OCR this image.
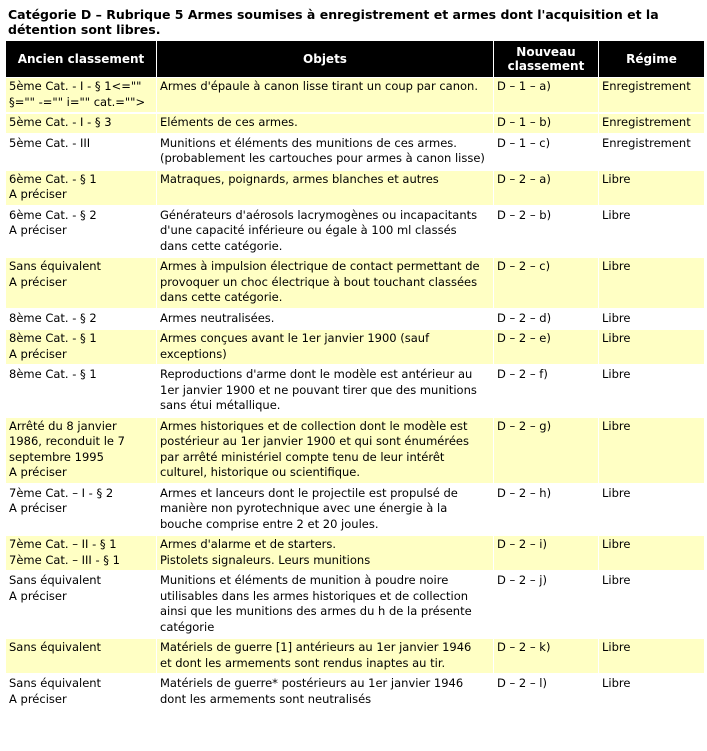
Catégorie D – Rubrique 5 Armes soumises à enregistrement et armes dont l'acquisition et la détention sont libres.
Ancien classement	Objets	Nouveau classement	Régime
5ème Cat. - I - § 1<="" §="" -="" i="" cat.="">	Armes d'épaule à canon lisse tirant un coup par canon.	D – 1 – a)	Enregistrement
5ème Cat. - I - § 3	Eléments de ces armes.	D – 1 – b)	Enregistrement
5ème Cat. - III	Munitions et éléments des munitions de ces armes.
(probablement les cartouches pour armes à canon lisse)	D – 1 – c)	Enregistrement
6ème Cat. - § 1
A préciser	Matraques, poignards, armes blanches et autres	D – 2 – a)	Libre
6ème Cat. - § 2
A préciser	Générateurs d'aérosols lacrymogènes ou incapacitants
d'une capacité inférieure ou égale à 100 ml classés
dans cette catégorie.	D – 2 – b)	Libre
Sans équivalent
A préciser	Armes à impulsion électrique de contact permettant de
provoquer un choc électrique à bout touchant classées
dans cette catégorie.	D – 2 – c)	Libre
8ème Cat. - § 2	Armes neutralisées.	D – 2 – d)	Libre
8ème Cat. - § 1
A préciser	Armes conçues avant le 1er janvier 1900 (sauf
exceptions)	D – 2 – e)	Libre
8ème Cat. - § 1	Reproductions d'arme dont le modèle est antérieur au
1er janvier 1900 et ne pouvant tirer que des munitions
sans étui métallique.	D – 2 – f)	Libre
Arrêté du 8 janvier
1986, reconduit le 7
septembre 1995
A préciser	Armes historiques et de collection dont le modèle est
postérieur au 1er janvier 1900 et qui sont énumérées
par arrêté ministériel compte tenu de leur intérêt
culturel, historique ou scientifique.	D – 2 – g)	Libre
7ème Cat. – I - § 2
A préciser	Armes et lanceurs dont le projectile est propulsé de
manière non pyrotechnique avec une énergie à la
bouche comprise entre 2 et 20 joules.	D – 2 – h)	Libre
7ème Cat. – II - § 1
7ème Cat. – III - § 1	Armes d'alarme et de starters.
Pistolets signaleurs. Leurs munitions	D – 2 – i)	Libre
Sans équivalent
A préciser	Munitions et éléments de munition à poudre noire
utilisables dans les armes historiques et de collection
ainsi que les munitions des armes du h de la présente
catégorie	D – 2 – j)	Libre
Sans équivalent	Matériels de guerre [1] antérieurs au 1er janvier 1946
et dont les armements sont rendus inaptes au tir.	D – 2 – k)	Libre
Sans équivalent
A préciser	Matériels de guerre* postérieurs au 1er janvier 1946
dont les armements sont neutralisés	D – 2 – l)	Libre
